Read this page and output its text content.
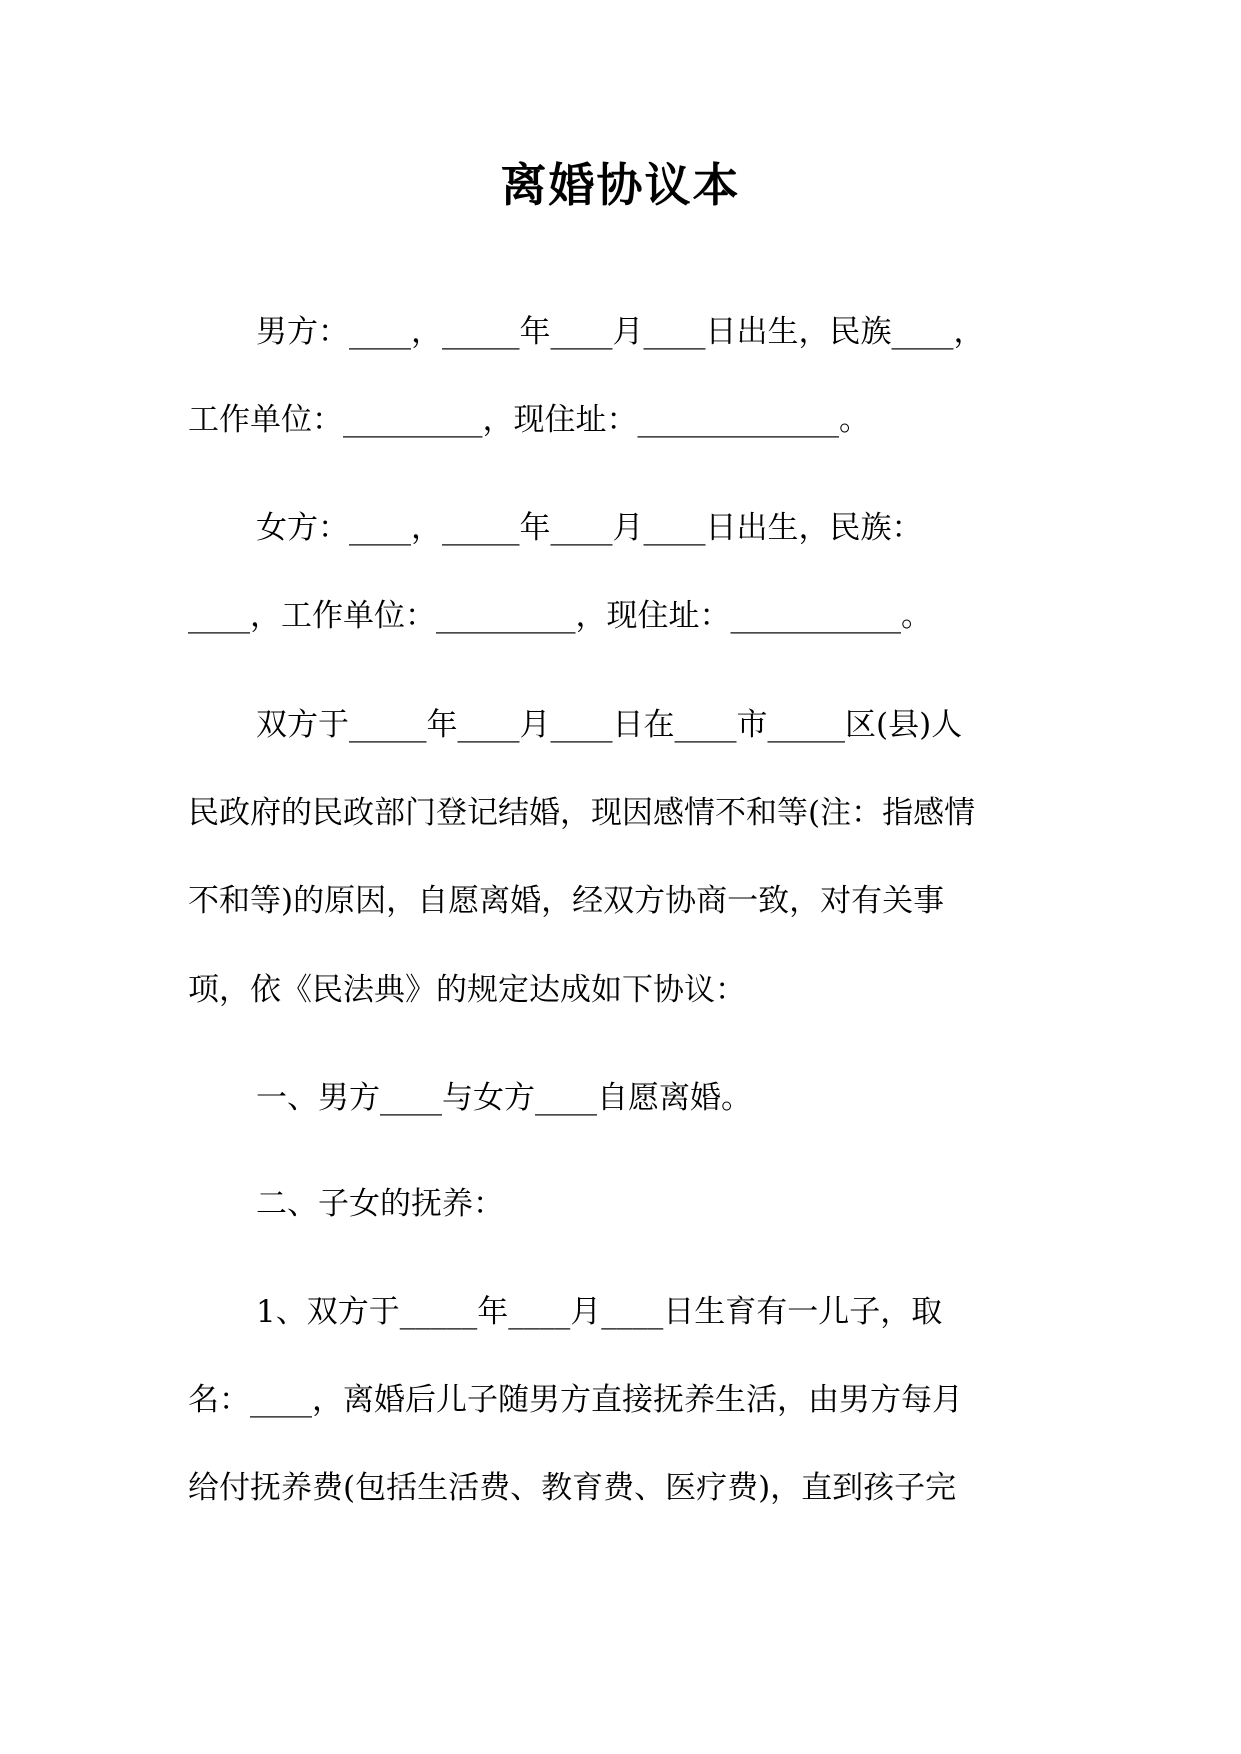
离婚协议本
男方：____，_____年____月____日出生，民族____，
工作单位：_________，现住址：_____________。
女方：____，_____年____月____日出生，民族：
____，工作单位：_________，现住址：___________。
双方于_____年____月____日在____市_____区(县)人
民政府的民政部门登记结婚，现因感情不和等(注：指感情
不和等)的原因，自愿离婚，经双方协商一致，对有关事
项，依《民法典》的规定达成如下协议：
一、男方____与女方____自愿离婚。
二、子女的抚养：
1、双方于_____年____月____日生育有一儿子，取
名：____，离婚后儿子随男方直接抚养生活，由男方每月
给付抚养费(包括生活费、教育费、医疗费)，直到孩子完
